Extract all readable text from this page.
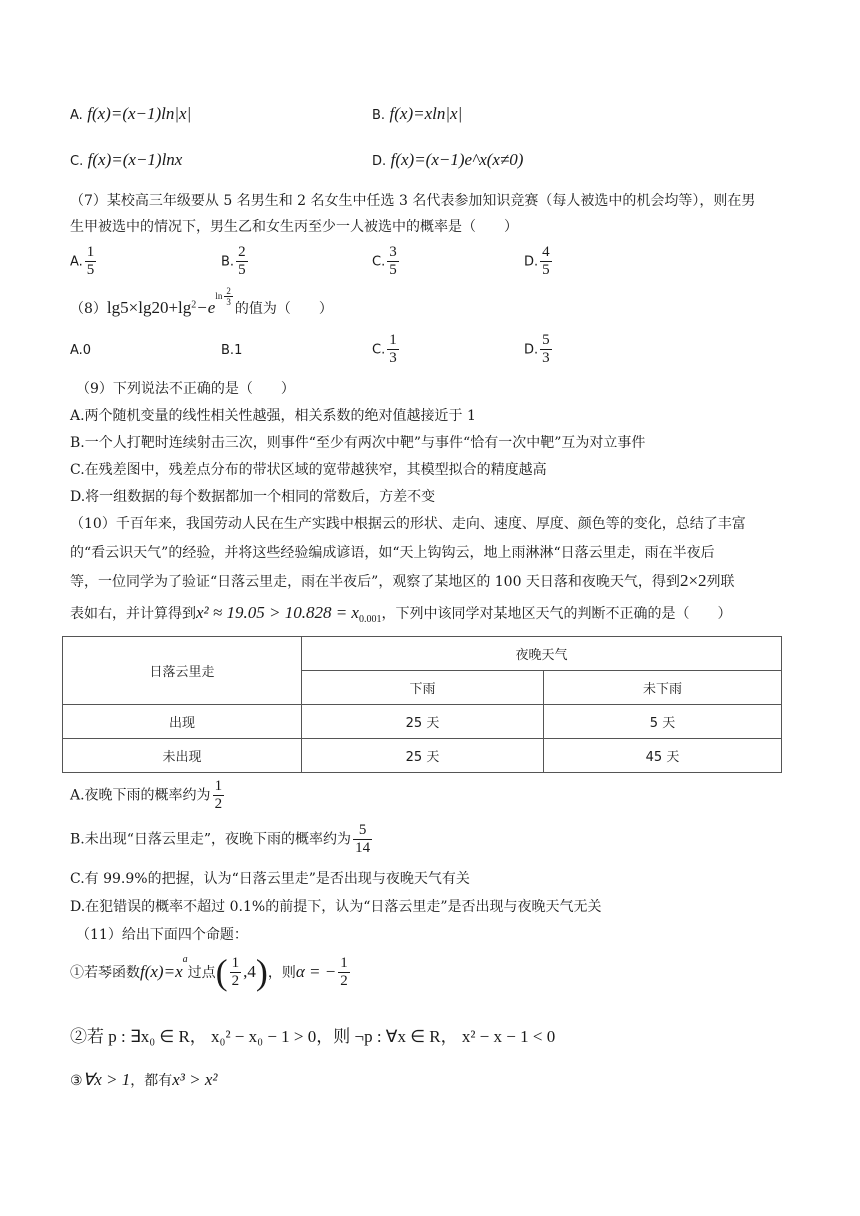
A. f(x)=(x−1)ln|x|	B. f(x)=xln|x|
C. f(x)=(x−1)lnx	D. f(x)=(x−1)e^x(x≠0)
（7）某校高三年级要从 5 名男生和 2 名女生中任选 3 名代表参加知识竞赛（每人被选中的机会均等），则在男
生甲被选中的情况下，男生乙和女生丙至少一人被选中的概率是（　　）
A. $\frac{1}{5}$	B. $\frac{2}{5}$	C. $\frac{3}{5}$	D. $\frac{4}{5}$
$(8)\lg 5\times\lg 20+\lg^2-e^{ln \frac{2}{3}}$
的值为（　　）
A.0	B.1	C. $\frac{1}{3}$	D. $\frac{5}{3}$
（9）下列说法不正确的是（　　）
A.两个随机变量的线性相关性越强，相关系数的绝对值越接近于 1
B.一个人打靶时连续射击三次，则事件“至少有两次中靶”与事件“恰有一次中靶”互为对立事件
C.在残差图中，残差点分布的带状区域的宽带越狭窄，其模型拟合的精度越高
D.将一组数据的每个数据都加一个相同的常数后，方差不变
（10）千百年来，我国劳动人民在生产实践中根据云的形状、走向、速度、厚度、颜色等的变化，总结了丰富
的“看云识天气”的经验，并将这些经验编成谚语，如“天上钩钩云，地上雨淋淋“日落云里走，雨在半夜后
等，一位同学为了验证“日落云里走，雨在半夜后”，观察了某地区的 100 天日落和夜晚天气，得到2×2列联
表如右，并计算得到$x^2 \approx 19.05 > 10.828 = x_{0.001}$，下列中该同学对某地区天气的判断不正确的是（　　）
日落云里走	夜晚天气	
	下雨	未下雨
出现	25 天	5 天
未出现	25 天	45 天
A.夜晚下雨的概率约为 $\frac{1}{2}$
B.未出现“日落云里走”，夜晚下雨的概率约为 $\frac{5}{14}$
C.有 99.9%的把握，认为“日落云里走”是否出现与夜晚天气有关
D.在犯错误的概率不超过 0.1%的前提下，认为“日落云里走”是否出现与夜晚天气无关
（11）给出下面四个命题：
①若琴函数$f(x)=x^a$过点( $\frac{1}{2} ,4$)，则α = − $\frac{1}{2}$
②若 p : ∃x₀ ∈ R， x₀² − x₀ − 1 > 0，则 ¬p : ∀x ∈ R， x² − x − 1 < 0
③∀x > 1，都有x³ > x²
